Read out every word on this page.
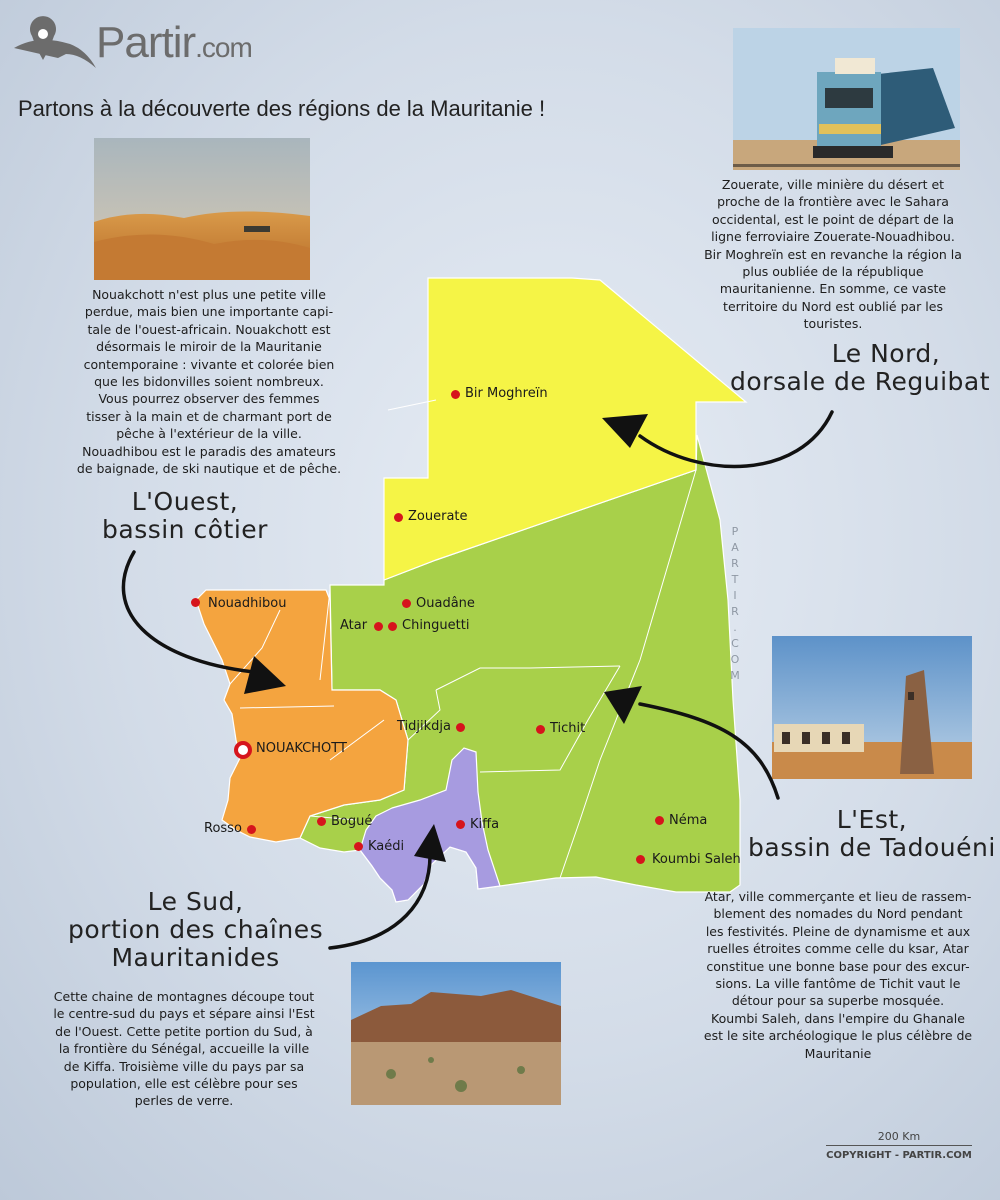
Partir.com
Partons à la découverte des régions de la Mauritanie !
Le Nord,
dorsale de Reguibat
L'Ouest,
bassin côtier
L'Est,
bassin de Tadouéni
Le Sud,
portion des chaînes
Mauritanides
Zouerate, ville minière du désert et
proche de la frontière avec le Sahara
occidental, est le point de départ de la
ligne ferroviaire Zouerate-Nouadhibou.
Bir Moghreïn est en revanche la région la
plus oubliée de la république
mauritanienne. En somme, ce vaste
territoire du Nord est oublié par les
touristes.
Nouakchott n'est plus une petite ville
perdue, mais bien une importante capi-
tale de l'ouest-africain. Nouakchott est
désormais le miroir de la Mauritanie
contemporaine : vivante et colorée bien
que les bidonvilles soient nombreux.
Vous pourrez observer des femmes
tisser à la main et de charmant port de
pêche à l'extérieur de la ville.
Nouadhibou est le paradis des amateurs
de baignade, de ski nautique et de pêche.
Atar, ville commerçante et lieu de rassem-
blement des nomades du Nord pendant
les festivités. Pleine de dynamisme et aux
ruelles étroites comme celle du ksar, Atar
constitue une bonne base pour des excur-
sions. La ville fantôme de Tichit vaut le
détour pour sa superbe mosquée.
Koumbi Saleh, dans l'empire du Ghanale
est le site archéologique le plus célèbre de
Mauritanie
Cette chaine de montagnes découpe tout
le centre-sud du pays et sépare ainsi l'Est
de l'Ouest. Cette petite portion du Sud, à
la frontière du Sénégal, accueille la ville
de Kiffa. Troisième ville du pays par sa
population, elle est célèbre pour ses
perles de verre.
Bir Moghreïn
Zouerate
Nouadhibou	Ouadâne
Atar	Chinguetti
NOUAKCHOTT
Tidjikdja	Tichit
Rosso	Bogué	Kiffa
Kaédi
Néma
Koumbi Saleh
P
A
R
T
I
R
.
C
O
M
200 Km
COPYRIGHT - PARTIR.COM
